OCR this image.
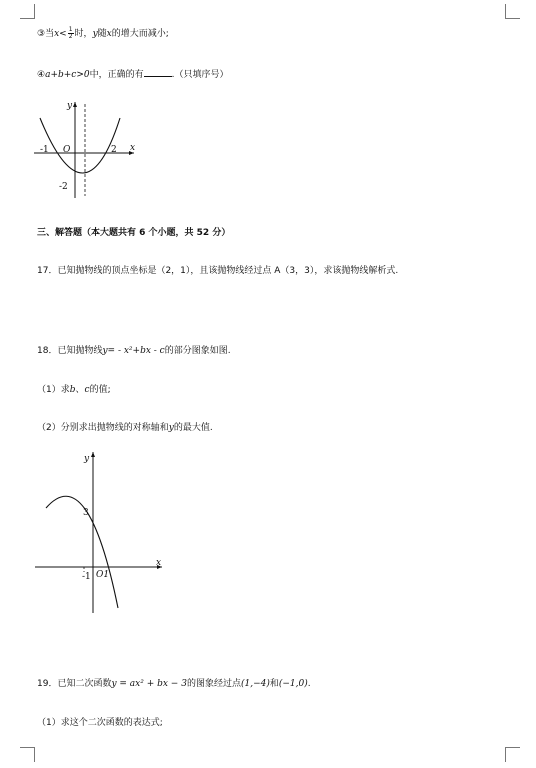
③当$x< \frac{1}{2}$ 时，y随x的增大而减小;
④a+b+c>0中，正确的有	.（只填序号）
y
x
-1 O	2
-2
三、解答题（本大题共有 6 个小题，共 52 分）
17．已知抛物线的顶点坐标是（2，1），且该抛物线经过点 A（3，3），求该抛物线解析式.
18．已知抛物线y= - x²+bx - c的部分图象如图.
（1）求b、c的值;
（2）分别求出抛物线的对称轴和y的最大值.
y
x
3
-1 O1
19．已知二次函数y = ax² + bx − 3的图象经过点(1,−4)和(−1,0).
（1）求这个二次函数的表达式;
